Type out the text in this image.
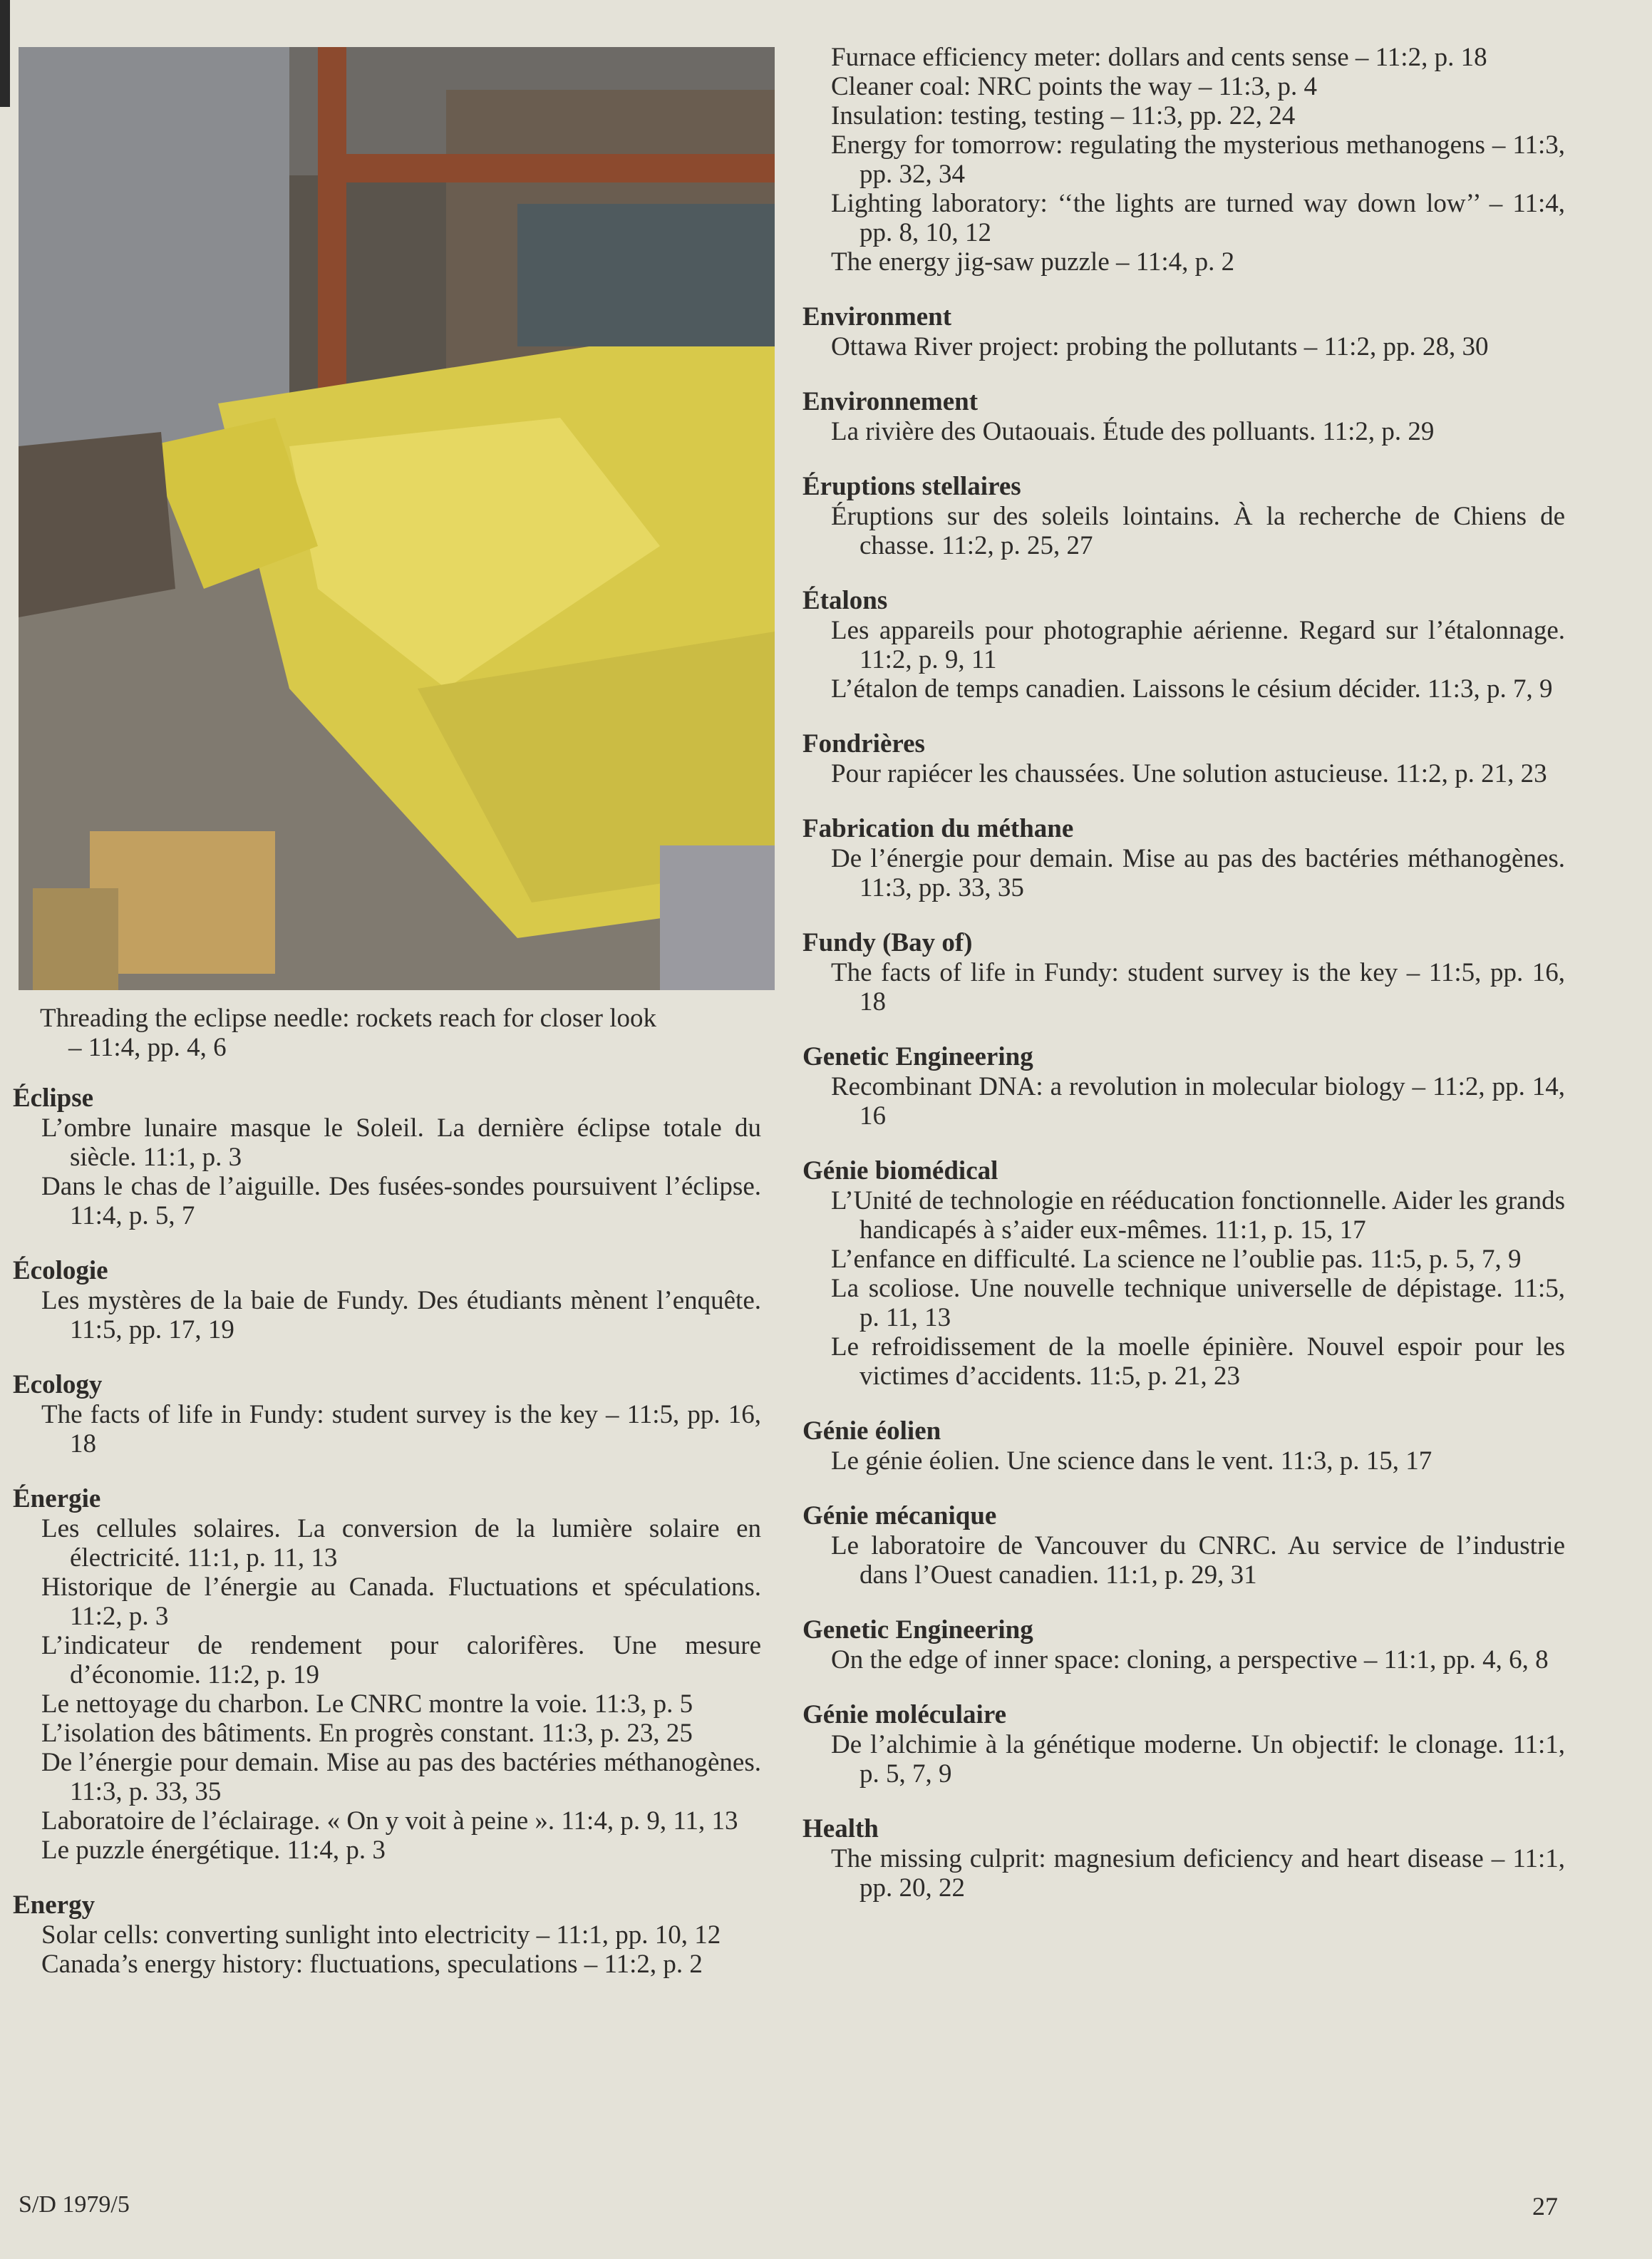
Threading the eclipse needle: rockets reach for closer look
– 11:4, pp. 4, 6

Éclipse

L’ombre lunaire masque le Soleil. La dernière éclipse totale du siècle. 11:1, p. 3

Dans le chas de l’aiguille. Des fusées-sondes poursuivent l’éclipse. 11:4, p. 5, 7

Écologie

Les mystères de la baie de Fundy. Des étudiants mènent l’enquête. 11:5, pp. 17, 19

Ecology

The facts of life in Fundy: student survey is the key – 11:5, pp. 16, 18

Énergie

Les cellules solaires. La conversion de la lumière solaire en électricité. 11:1, p. 11, 13

Historique de l’énergie au Canada. Fluctuations et spéculations. 11:2, p. 3

L’indicateur de rendement pour calorifères. Une mesure d’économie. 11:2, p. 19

Le nettoyage du charbon. Le CNRC montre la voie. 11:3, p. 5

L’isolation des bâtiments. En progrès constant. 11:3, p. 23, 25

De l’énergie pour demain. Mise au pas des bactéries méthanogènes. 11:3, p. 33, 35

Laboratoire de l’éclairage. « On y voit à peine ». 11:4, p. 9, 11, 13

Le puzzle énergétique. 11:4, p. 3

Energy

Solar cells: converting sunlight into electricity – 11:1, pp. 10, 12

Canada’s energy history: fluctuations, speculations – 11:2, p. 2

Furnace efficiency meter: dollars and cents sense – 11:2, p. 18

Cleaner coal: NRC points the way – 11:3, p. 4

Insulation: testing, testing – 11:3, pp. 22, 24

Energy for tomorrow: regulating the mysterious methanogens – 11:3, pp. 32, 34

Lighting laboratory: ‘‘the lights are turned way down low’’ – 11:4, pp. 8, 10, 12

The energy jig-saw puzzle – 11:4, p. 2

Environment

Ottawa River project: probing the pollutants – 11:2, pp. 28, 30

Environnement

La rivière des Outaouais. Étude des polluants. 11:2, p. 29

Éruptions stellaires

Éruptions sur des soleils lointains. À la recherche de Chiens de chasse. 11:2, p. 25, 27

Étalons

Les appareils pour photographie aérienne. Regard sur l’étalonnage. 11:2, p. 9, 11

L’étalon de temps canadien. Laissons le césium décider. 11:3, p. 7, 9

Fondrières

Pour rapiécer les chaussées. Une solution astucieuse. 11:2, p. 21, 23

Fabrication du méthane

De l’énergie pour demain. Mise au pas des bactéries méthanogènes. 11:3, pp. 33, 35

Fundy (Bay of)

The facts of life in Fundy: student survey is the key – 11:5, pp. 16, 18

Genetic Engineering

Recombinant DNA: a revolution in molecular biology – 11:2, pp. 14, 16

Génie biomédical

L’Unité de technologie en rééducation fonctionnelle. Aider les grands handicapés à s’aider eux-mêmes. 11:1, p. 15, 17

L’enfance en difficulté. La science ne l’oublie pas. 11:5, p. 5, 7, 9

La scoliose. Une nouvelle technique universelle de dépistage. 11:5, p. 11, 13

Le refroidissement de la moelle épinière. Nouvel espoir pour les victimes d’accidents. 11:5, p. 21, 23

Génie éolien

Le génie éolien. Une science dans le vent. 11:3, p. 15, 17

Génie mécanique

Le laboratoire de Vancouver du CNRC. Au service de l’industrie dans l’Ouest canadien. 11:1, p. 29, 31

Genetic Engineering

On the edge of inner space: cloning, a perspective – 11:1, pp. 4, 6, 8

Génie moléculaire

De l’alchimie à la génétique moderne. Un objectif: le clonage. 11:1, p. 5, 7, 9

Health

The missing culprit: magnesium deficiency and heart disease – 11:1, pp. 20, 22

S/D 1979/5	27
